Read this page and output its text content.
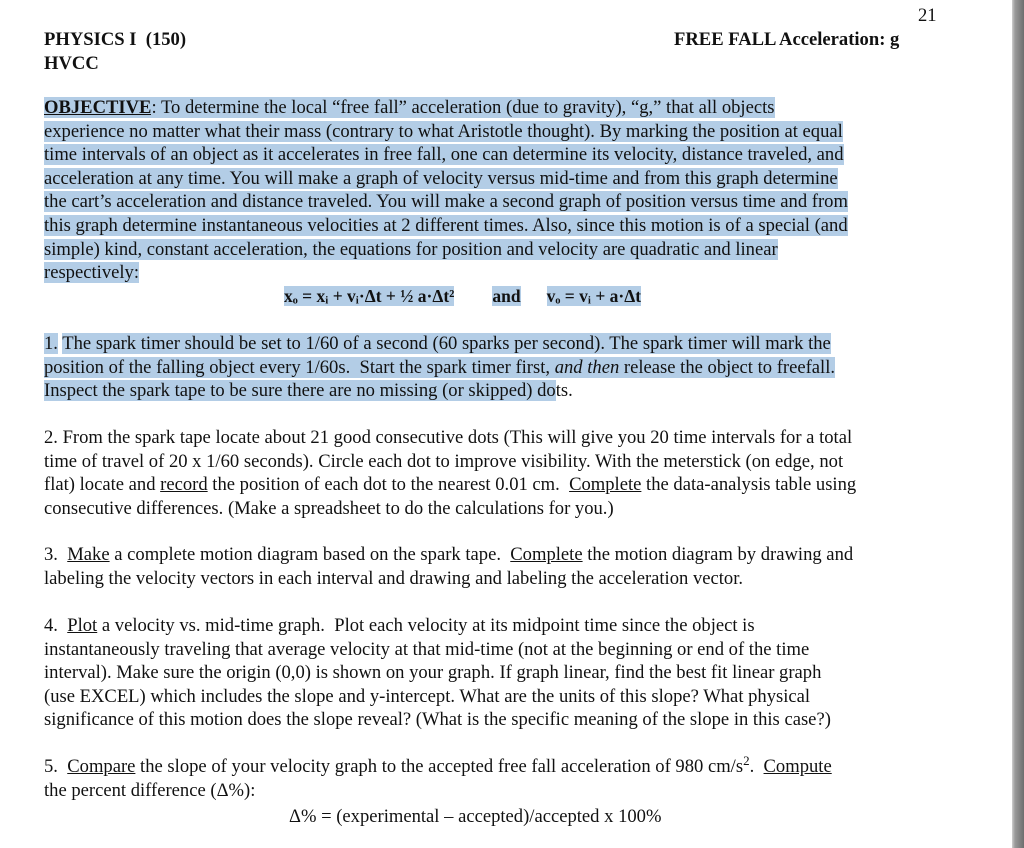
21
PHYSICS I  (150)
HVCC
FREE FALL Acceleration: g
OBJECTIVE: To determine the local “free fall” acceleration (due to gravity), “g,” that all objects
experience no matter what their mass (contrary to what Aristotle thought). By marking the position at equal
time intervals of an object as it accelerates in free fall, one can determine its velocity, distance traveled, and
acceleration at any time. You will make a graph of velocity versus mid-time and from this graph determine
the cart’s acceleration and distance traveled. You will make a second graph of position versus time and from
this graph determine instantaneous velocities at 2 different times. Also, since this motion is of a special (and
simple) kind, constant acceleration, the equations for position and velocity are quadratic and linear
respectively:
xₒ = xᵢ + vᵢ·Δt + ½ a·Δt² and vₒ = vᵢ + a·Δt
1. The spark timer should be set to 1/60 of a second (60 sparks per second). The spark timer will mark the
position of the falling object every 1/60s.  Start the spark timer first, and then release the object to freefall.
Inspect the spark tape to be sure there are no missing (or skipped) dots.
2. From the spark tape locate about 21 good consecutive dots (This will give you 20 time intervals for a total
time of travel of 20 x 1/60 seconds). Circle each dot to improve visibility. With the meterstick (on edge, not
flat) locate and record the position of each dot to the nearest 0.01 cm.  Complete the data-analysis table using
consecutive differences. (Make a spreadsheet to do the calculations for you.)
3.  Make a complete motion diagram based on the spark tape.  Complete the motion diagram by drawing and
labeling the velocity vectors in each interval and drawing and labeling the acceleration vector.
4.  Plot a velocity vs. mid-time graph.  Plot each velocity at its midpoint time since the object is
instantaneously traveling that average velocity at that mid-time (not at the beginning or end of the time
interval). Make sure the origin (0,0) is shown on your graph. If graph linear, find the best fit linear graph
(use EXCEL) which includes the slope and y-intercept. What are the units of this slope? What physical
significance of this motion does the slope reveal? (What is the specific meaning of the slope in this case?)
5.  Compare the slope of your velocity graph to the accepted free fall acceleration of 980 $cm/s^2$.  Compute
the percent difference (Δ%):
Δ% = (experimental – accepted)/accepted x 100%
